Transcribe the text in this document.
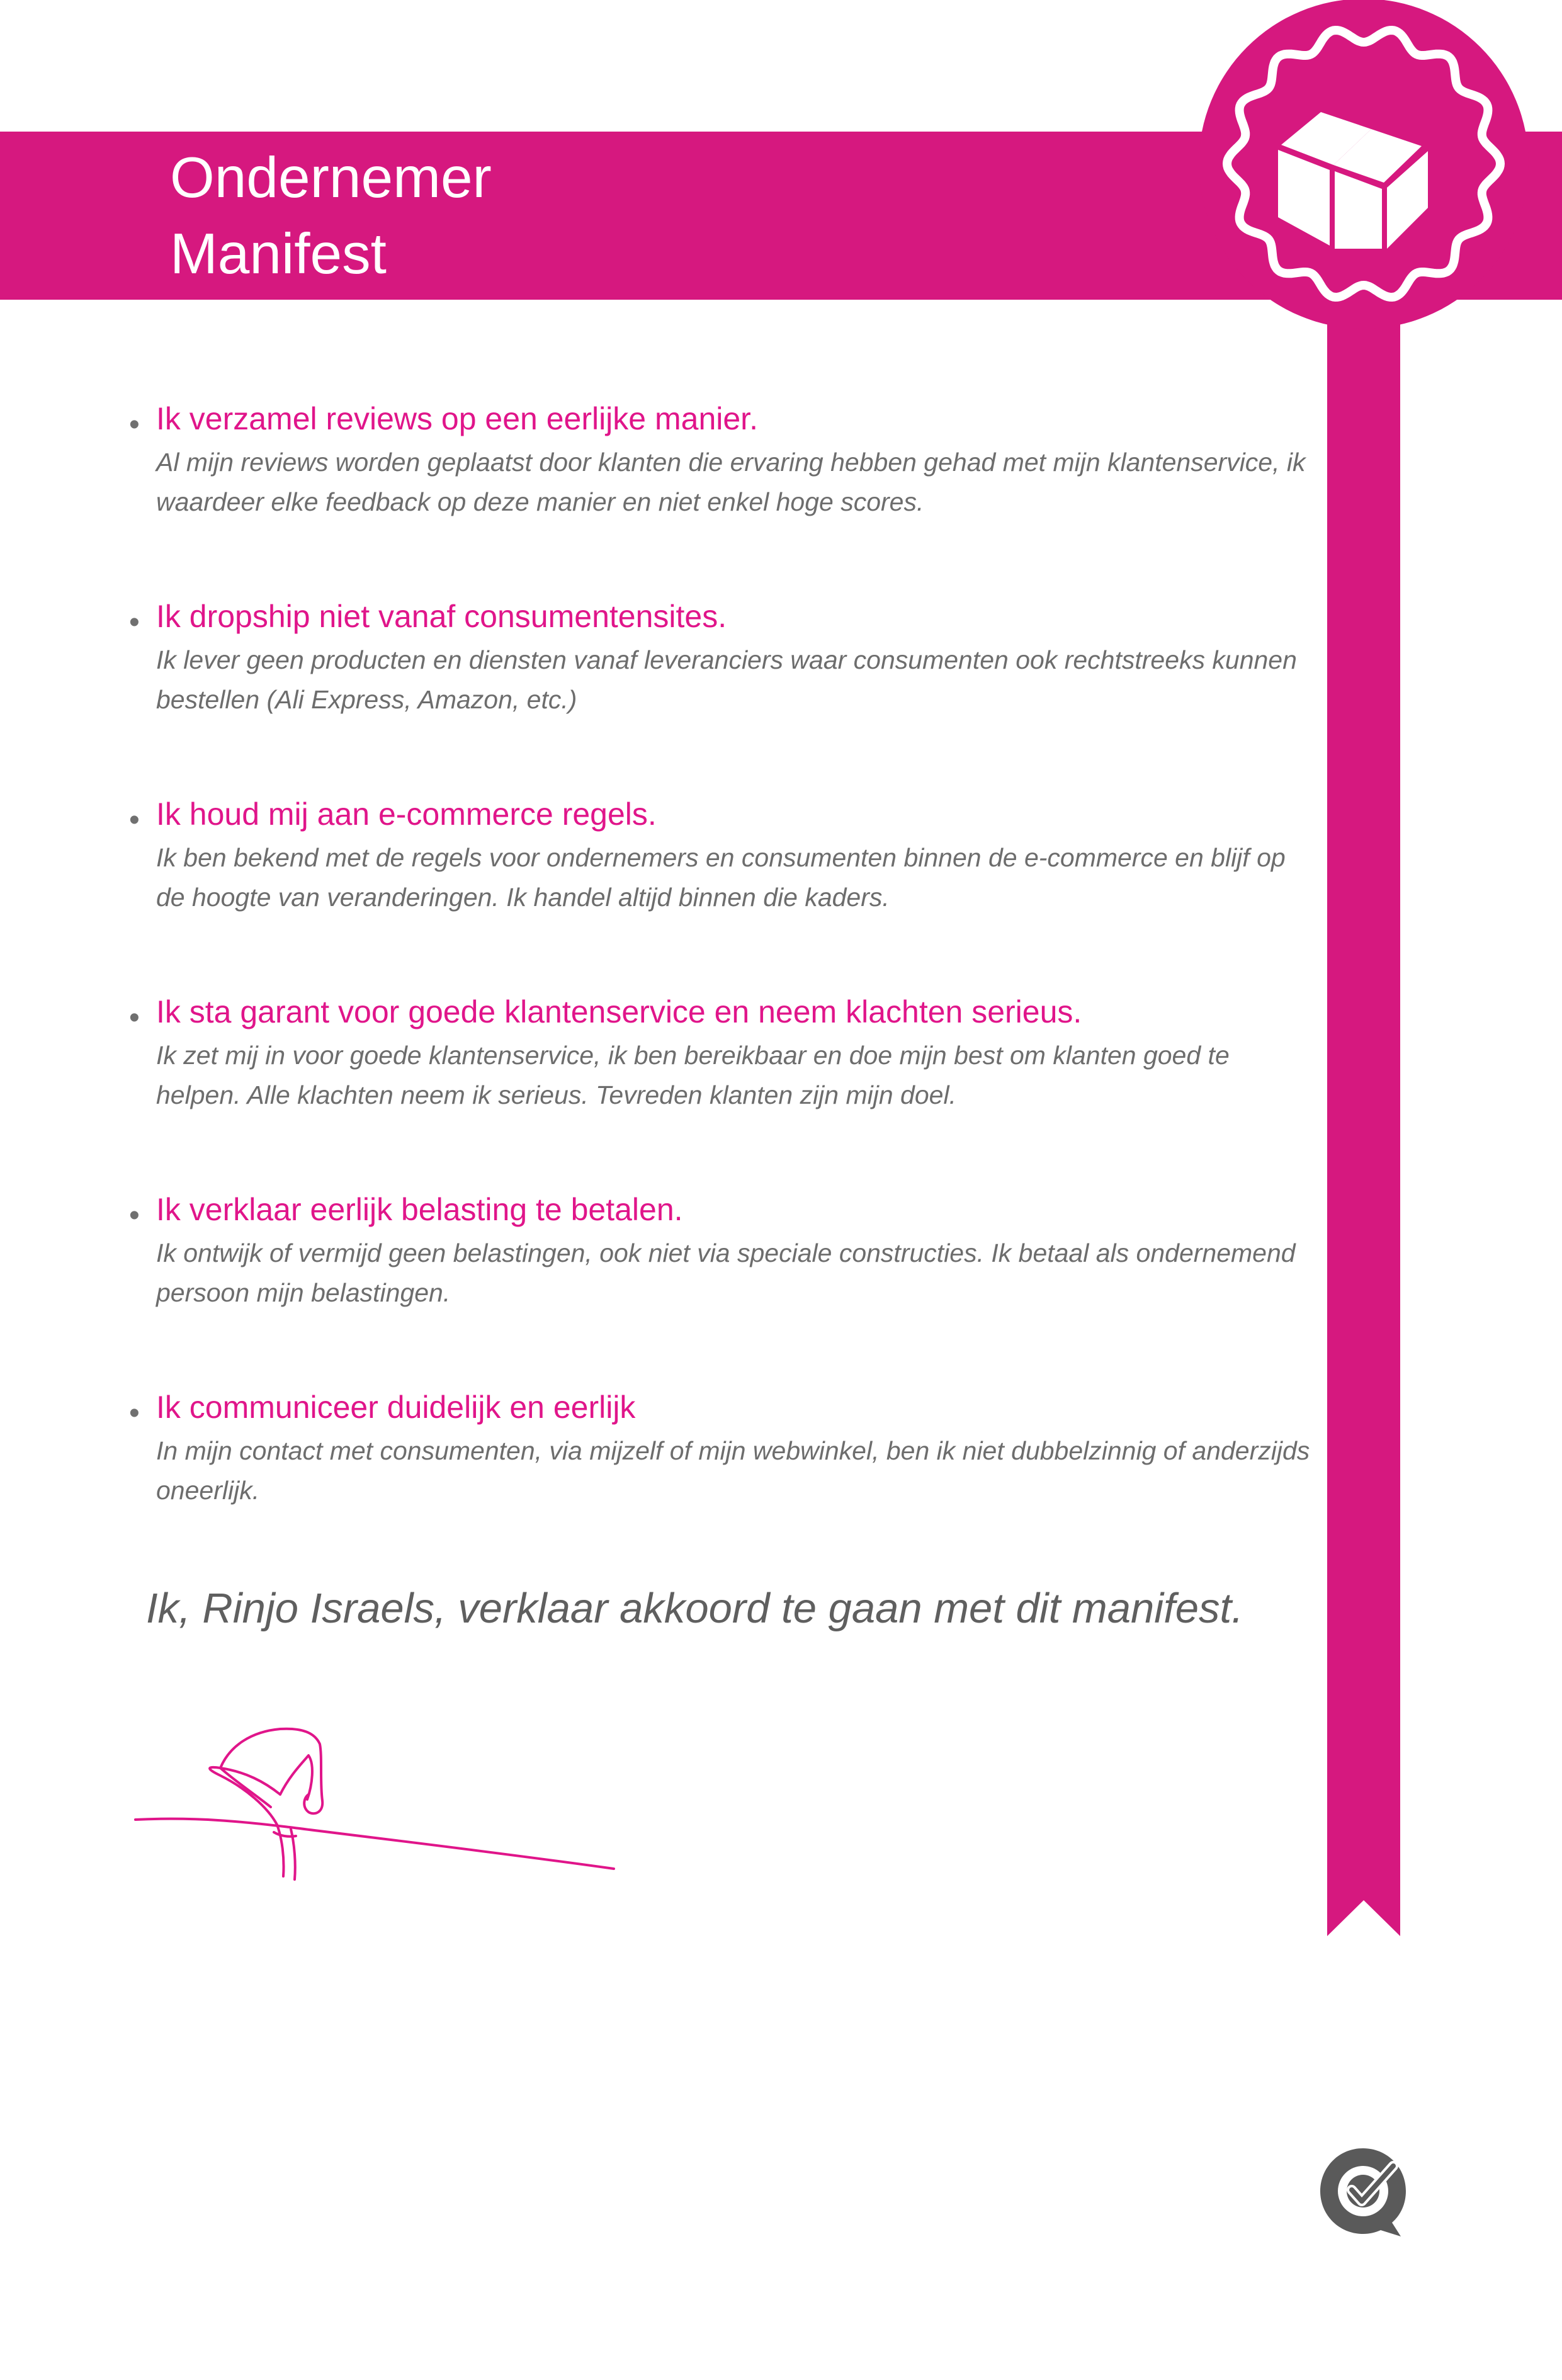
Ondernemer
Manifest
• Ik verzamel reviews op een eerlijke manier.
Al mijn reviews worden geplaatst door klanten die ervaring hebben gehad met mijn klantenservice, ik waardeer elke feedback op deze manier en niet enkel hoge scores.
• Ik dropship niet vanaf consumentensites.
Ik lever geen producten en diensten vanaf leveranciers waar consumenten ook rechtstreeks kunnen bestellen (Ali Express, Amazon, etc.)
• Ik houd mij aan e-commerce regels.
Ik ben bekend met de regels voor ondernemers en consumenten binnen de e-commerce en blijf op de hoogte van veranderingen. Ik handel altijd binnen die kaders.
• Ik sta garant voor goede klantenservice en neem klachten serieus.
Ik zet mij in voor goede klantenservice, ik ben bereikbaar en doe mijn best om klanten goed te helpen. Alle klachten neem ik serieus. Tevreden klanten zijn mijn doel.
• Ik verklaar eerlijk belasting te betalen.
Ik ontwijk of vermijd geen belastingen, ook niet via speciale constructies. Ik betaal als ondernemend persoon mijn belastingen.
• Ik communiceer duidelijk en eerlijk
In mijn contact met consumenten, via mijzelf of mijn webwinkel, ben ik niet dubbelzinnig of anderzijds oneerlijk.
Ik, Rinjo Israels, verklaar akkoord te gaan met dit manifest.
